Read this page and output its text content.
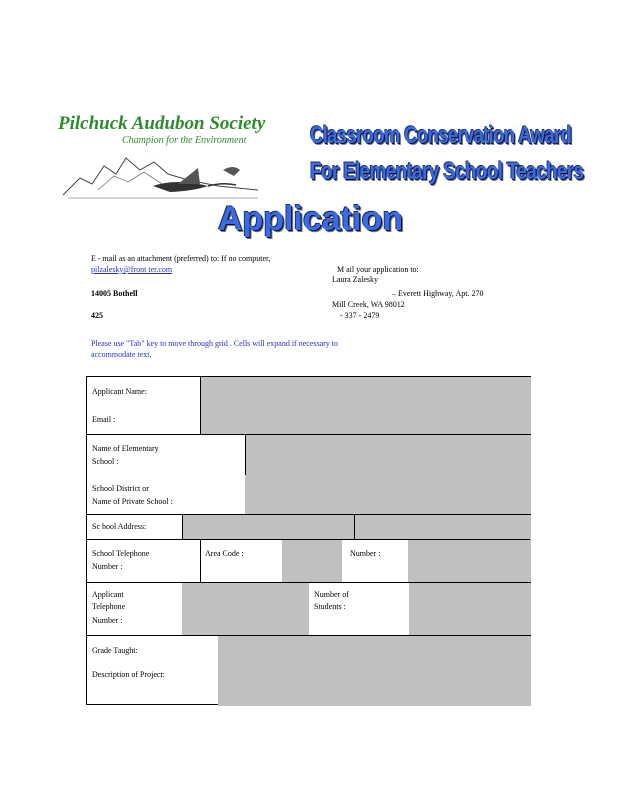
Pilchuck Audubon Society
Champion for the Environment	Classroom Conservation Award
For Elementary School Teachers
Application
E - mail as an attachment (preferred) to: If no computer,
pilzalesky@front ter.com
14005 Bothell
425
M ail your application to:
Laura Zalesky
– Everett Highway, Apt. 270
Mill Creek, WA 98012
- 337 - 2479
Please use "Tab" key to move through grid . Cells will expand if necessary to
accommodate text.
Applicant Name:
Email :
Name of Elementary
School :
School District or
Name of Private School :
Sc hool Address:
School Telephone
Number :
Area Code :	Number :
Applicant
Telephone
Number :
Number of
Students :
Grade Taught:
Description of Project:
